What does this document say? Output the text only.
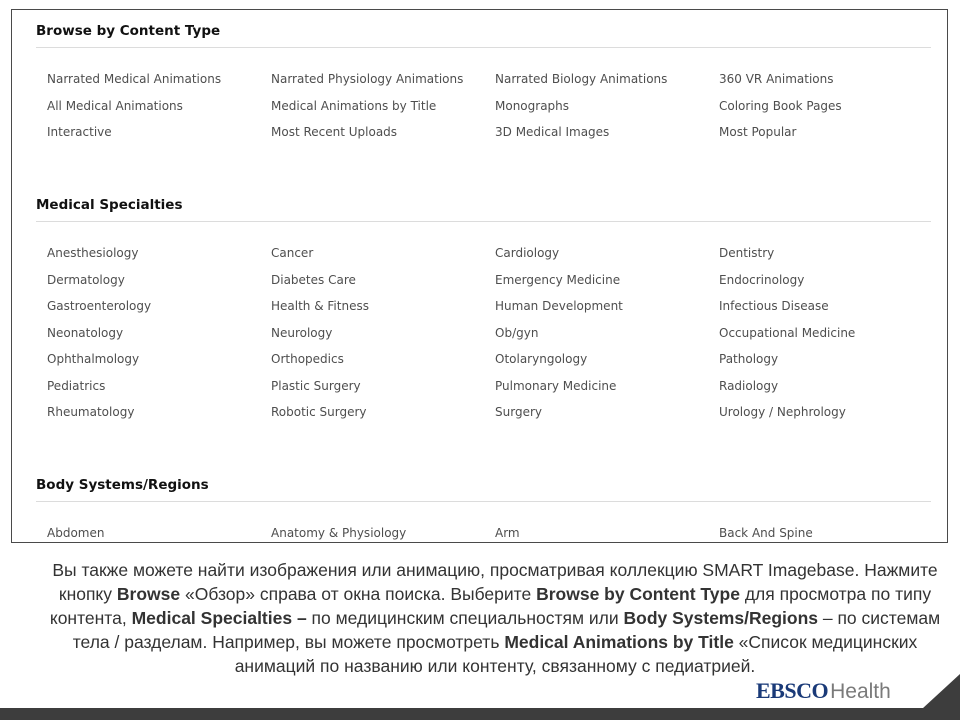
Browse by Content Type
Narrated Medical Animations	Narrated Physiology Animations	Narrated Biology Animations	360 VR Animations
All Medical Animations	Medical Animations by Title	Monographs	Coloring Book Pages
Interactive	Most Recent Uploads	3D Medical Images	Most Popular
Medical Specialties
Anesthesiology	Cancer	Cardiology	Dentistry
Dermatology	Diabetes Care	Emergency Medicine	Endocrinology
Gastroenterology	Health & Fitness	Human Development	Infectious Disease
Neonatology	Neurology	Ob/gyn	Occupational Medicine
Ophthalmology	Orthopedics	Otolaryngology	Pathology
Pediatrics	Plastic Surgery	Pulmonary Medicine	Radiology
Rheumatology	Robotic Surgery	Surgery	Urology / Nephrology
Body Systems/Regions
Abdomen	Anatomy & Physiology	Arm	Back And Spine
Вы также можете найти изображения или анимацию, просматривая коллекцию SMART Imagebase. Нажмите кнопку Browse «Обзор» справа от окна поиска. Выберите Browse by Content Type для просмотра по типу контента, Medical Specialties – по медицинским специальностям или Body Systems/Regions – по системам тела / разделам. Например, вы можете просмотреть Medical Animations by Title «Список медицинских анимаций по названию или контенту, связанному с педиатрией.
EBSCOHealth
